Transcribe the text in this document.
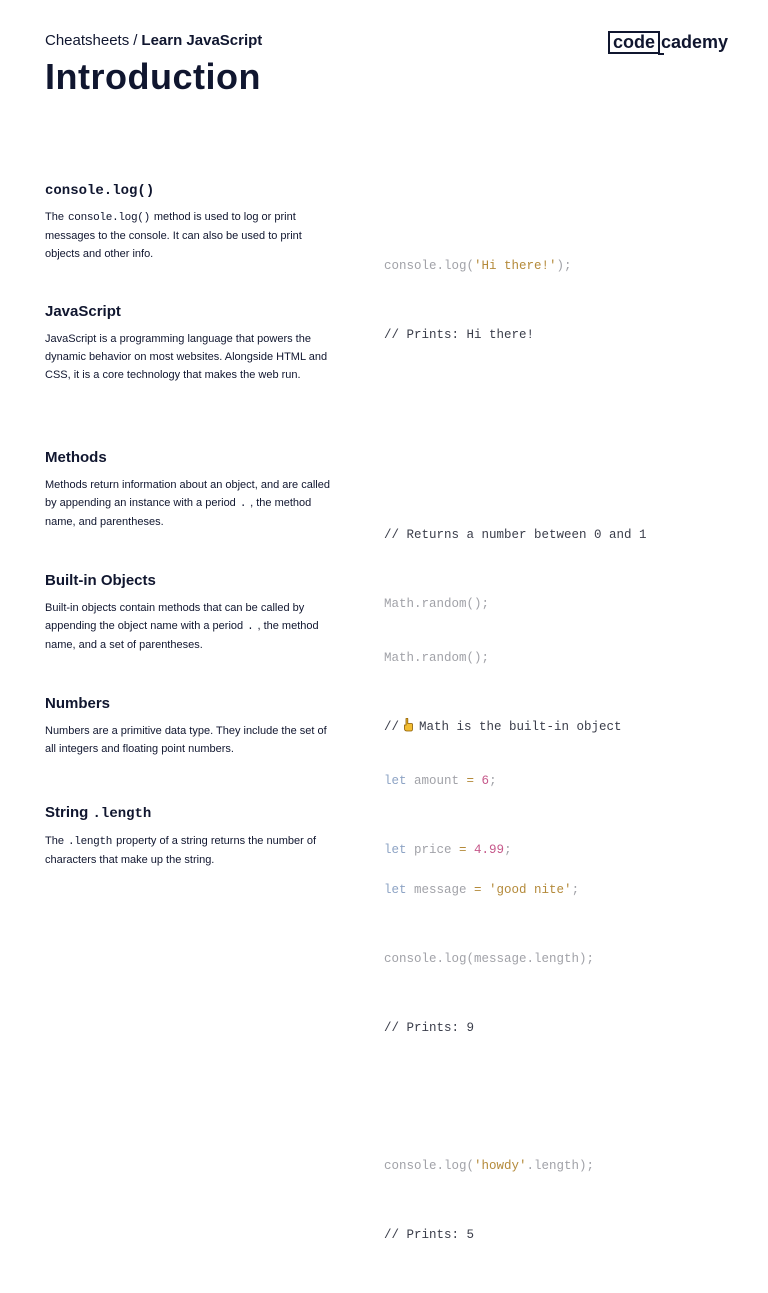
Cheatsheets / Learn JavaScript
Introduction
code cademy
console.log()

The console.log() method is used to log or print messages to the console. It can also be used to print objects and other info.

console.log('Hi there!');

// Prints: Hi there!

JavaScript

JavaScript is a programming language that powers the dynamic behavior on most websites. Alongside HTML and CSS, it is a core technology that makes the web run.

Methods

Methods return information about an object, and are called by appending an instance with a period . , the method name, and parentheses.

// Returns a number between 0 and 1

Math.random();

Built-in Objects

Built-in objects contain methods that can be called by appending the object name with a period . , the method name, and a set of parentheses.

Math.random();

// Math is the built-in object

Numbers

Numbers are a primitive data type. They include the set of all integers and floating point numbers.

let amount = 6;

let price = 4.99;

String .length

The .length property of a string returns the number of characters that make up the string.

let message = 'good nite';

console.log(message.length);

// Prints: 9

console.log('howdy'.length);

// Prints: 5
